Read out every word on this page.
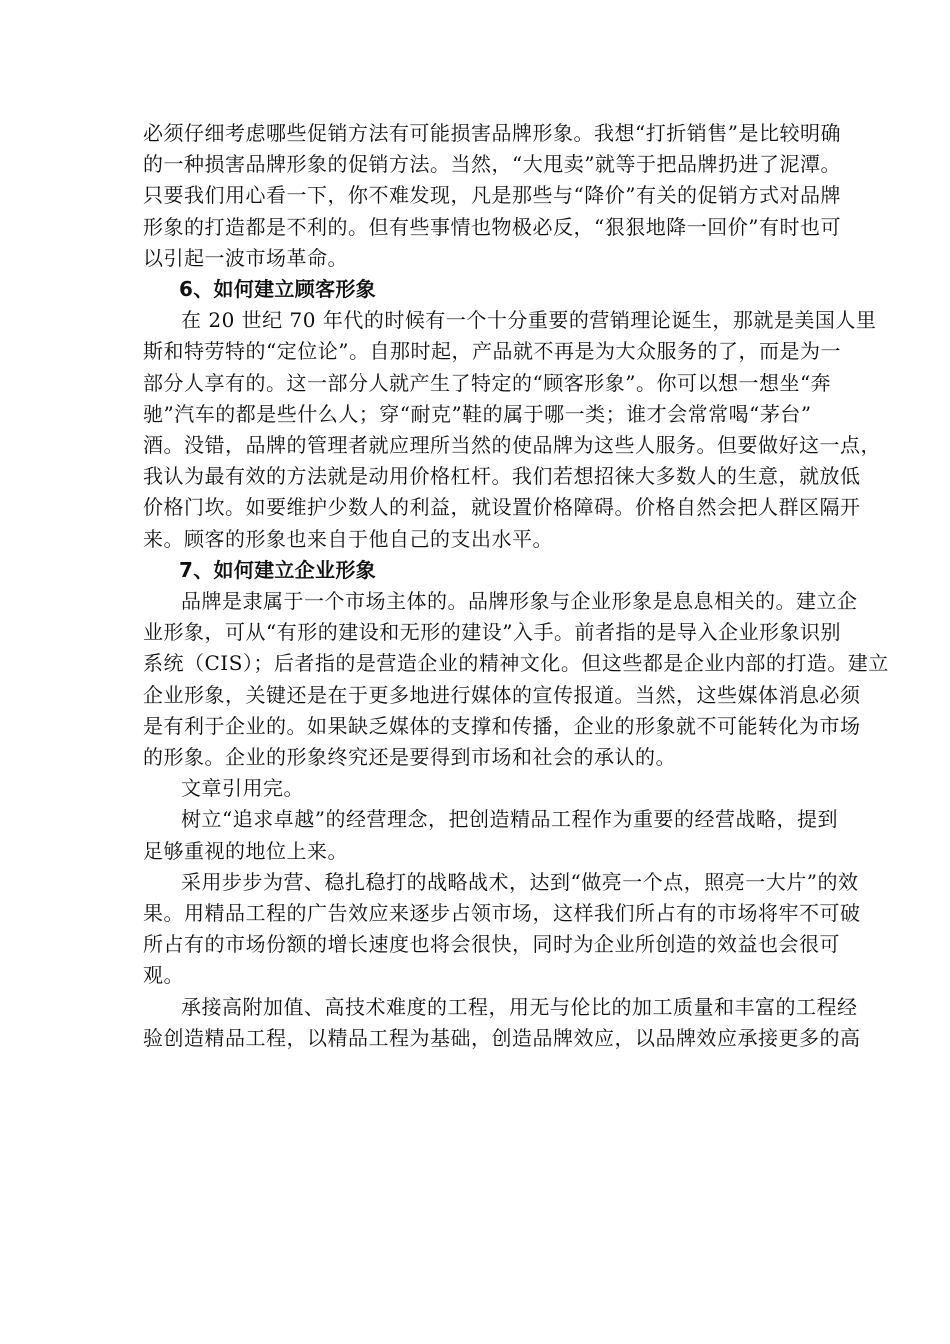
必须仔细考虑哪些促销方法有可能损害品牌形象。我想“打折销售”是比较明确
的一种损害品牌形象的促销方法。当然，“大甩卖”就等于把品牌扔进了泥潭。
只要我们用心看一下，你不难发现，凡是那些与“降价”有关的促销方式对品牌
形象的打造都是不利的。但有些事情也物极必反，“狠狠地降一回价”有时也可
以引起一波市场革命。

6、如何建立顾客形象

在 20 世纪 70 年代的时候有一个十分重要的营销理论诞生，那就是美国人里
斯和特劳特的“定位论”。自那时起，产品就不再是为大众服务的了，而是为一
部分人享有的。这一部分人就产生了特定的“顾客形象”。你可以想一想坐“奔
驰”汽车的都是些什么人；穿“耐克”鞋的属于哪一类；谁才会常常喝“茅台”
酒。没错，品牌的管理者就应理所当然的使品牌为这些人服务。但要做好这一点，
我认为最有效的方法就是动用价格杠杆。我们若想招徕大多数人的生意，就放低
价格门坎。如要维护少数人的利益，就设置价格障碍。价格自然会把人群区隔开
来。顾客的形象也来自于他自己的支出水平。

7、如何建立企业形象

品牌是隶属于一个市场主体的。品牌形象与企业形象是息息相关的。建立企
业形象，可从“有形的建设和无形的建设”入手。前者指的是导入企业形象识别
系统（CIS）；后者指的是营造企业的精神文化。但这些都是企业内部的打造。建立
企业形象，关键还是在于更多地进行媒体的宣传报道。当然，这些媒体消息必须
是有利于企业的。如果缺乏媒体的支撑和传播，企业的形象就不可能转化为市场
的形象。企业的形象终究还是要得到市场和社会的承认的。

文章引用完。

树立“追求卓越”的经营理念，把创造精品工程作为重要的经营战略，提到
足够重视的地位上来。

采用步步为营、稳扎稳打的战略战术，达到“做亮一个点，照亮一大片”的效
果。用精品工程的广告效应来逐步占领市场，这样我们所占有的市场将牢不可破
所占有的市场份额的增长速度也将会很快，同时为企业所创造的效益也会很可
观。

承接高附加值、高技术难度的工程，用无与伦比的加工质量和丰富的工程经
验创造精品工程，以精品工程为基础，创造品牌效应，以品牌效应承接更多的高
